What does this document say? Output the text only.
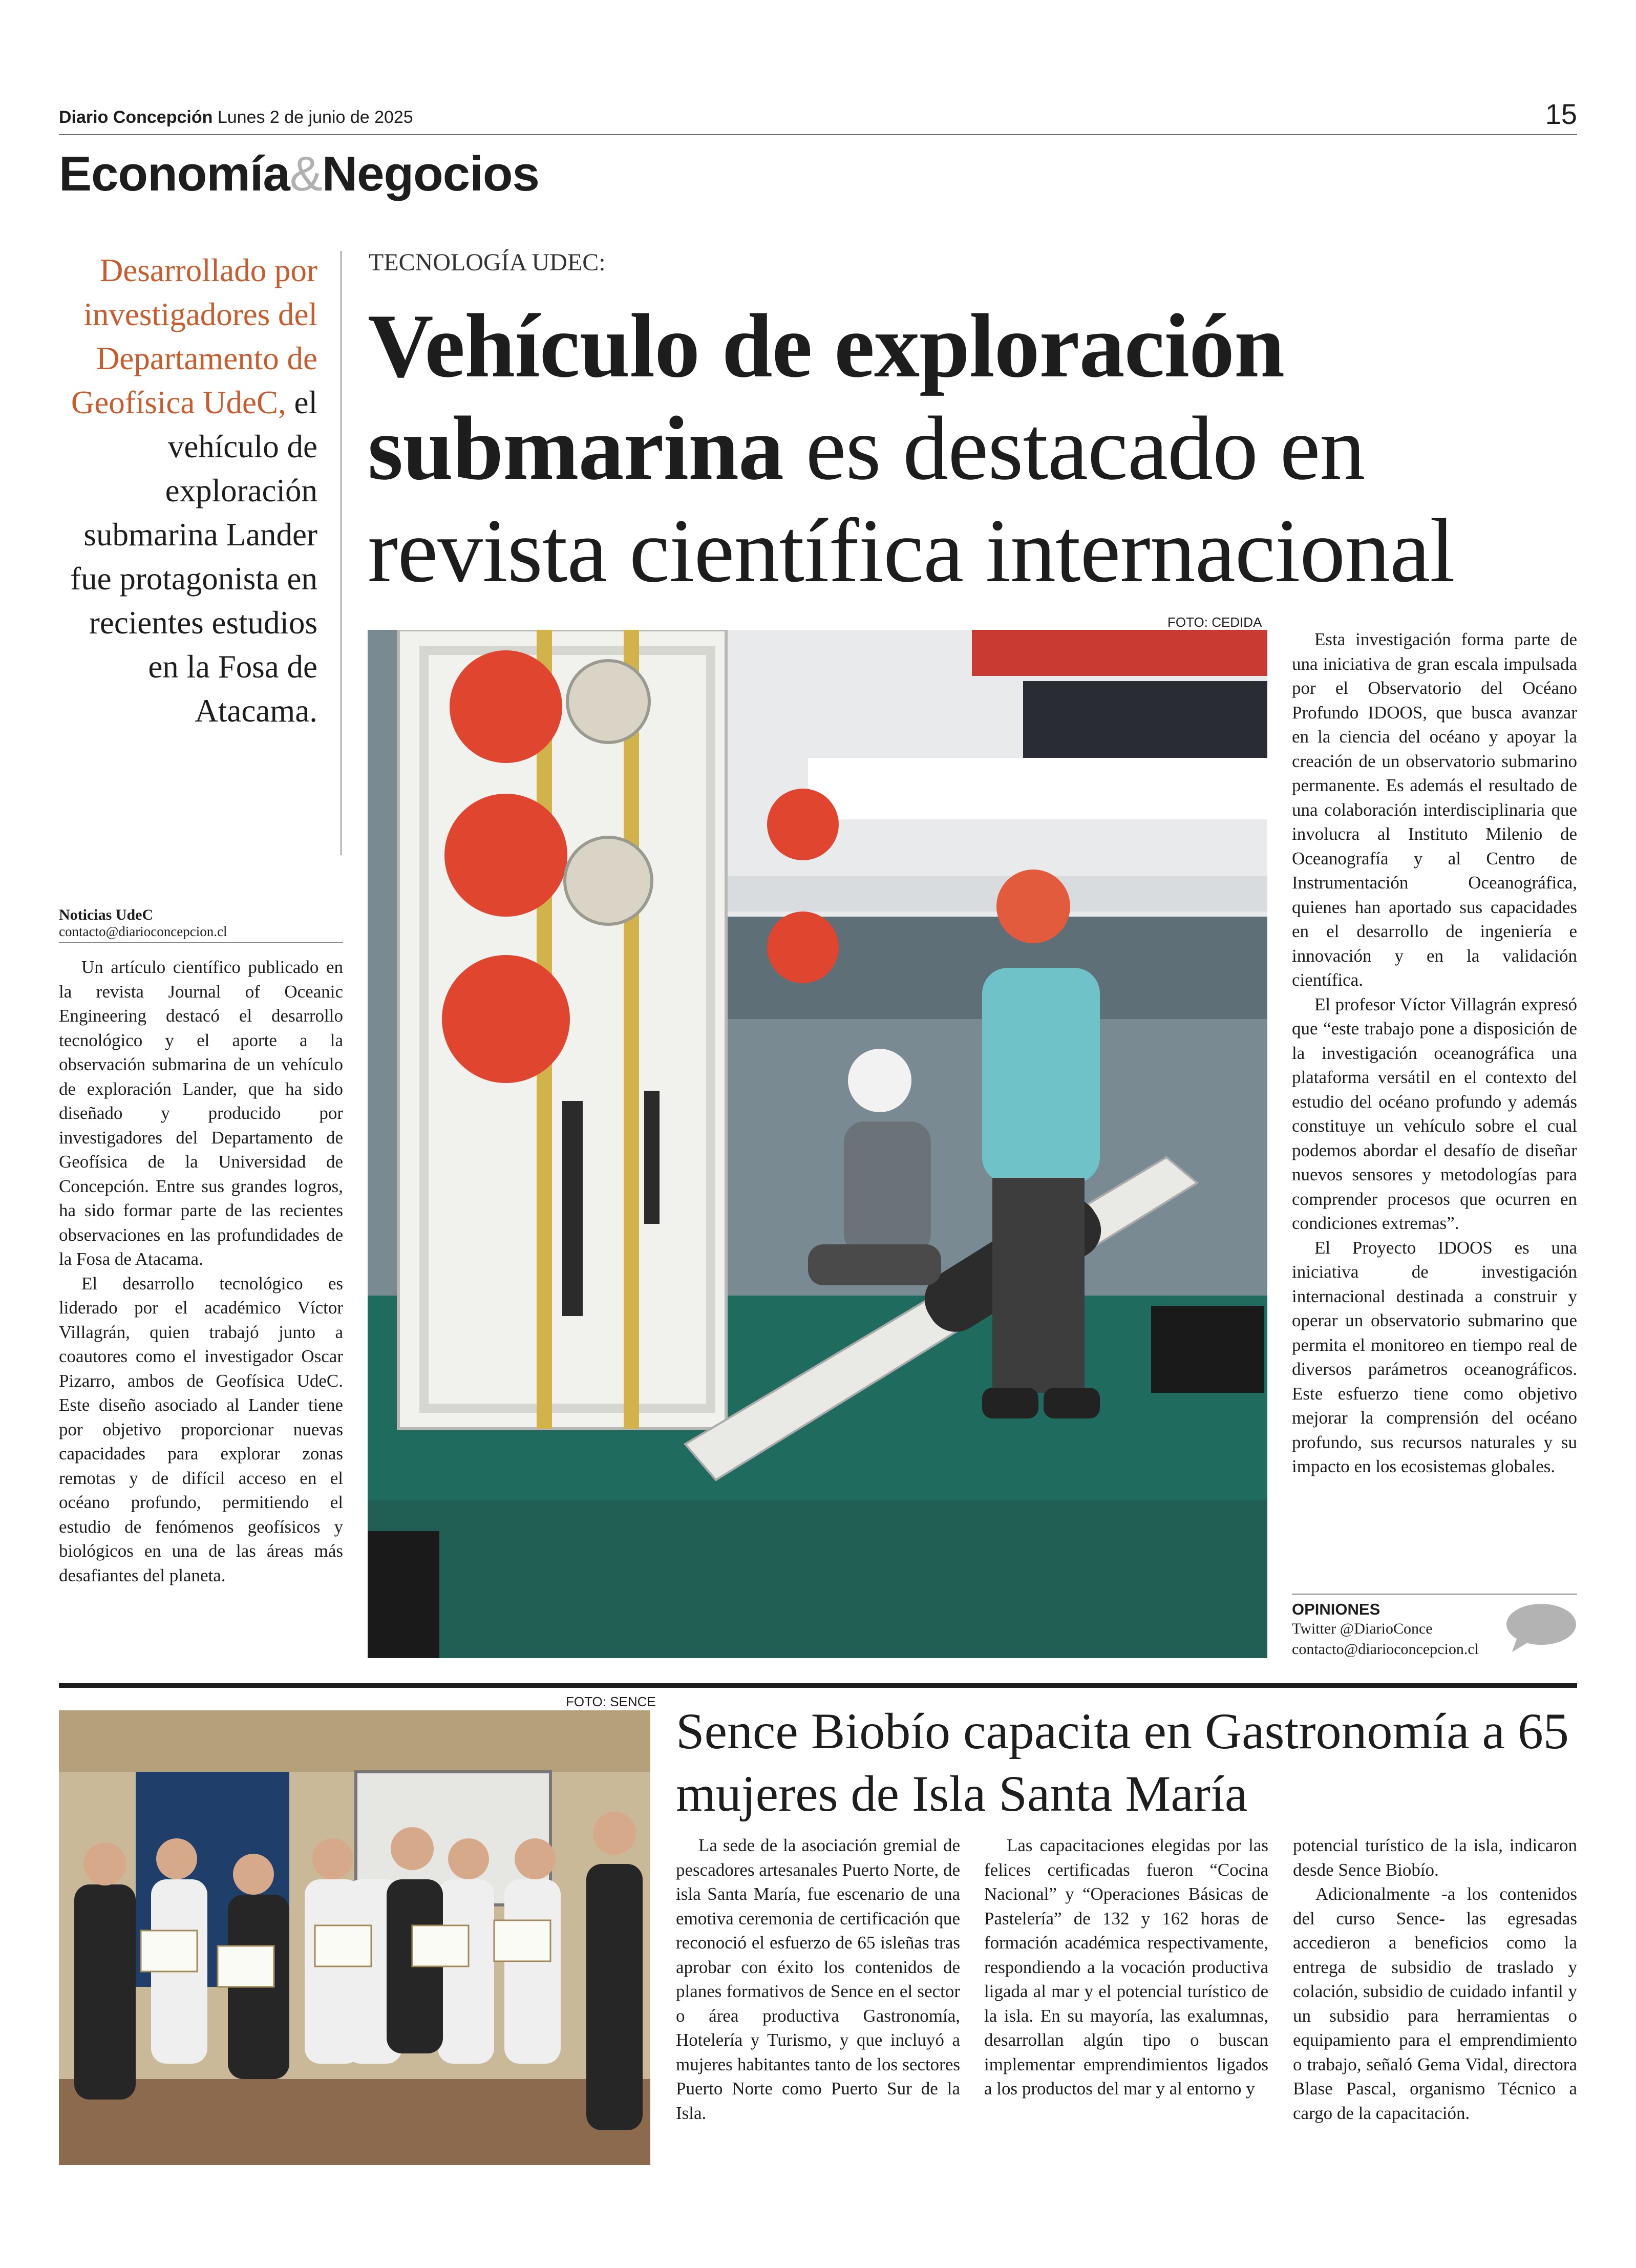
Diario Concepción Lunes 2 de junio de 2025	15
Economía&Negocios
Desarrollado por investigadores del Departamento de Geofísica UdeC, el vehículo de exploración submarina Lander fue protagonista en recientes estudios en la Fosa de Atacama.
Noticias UdeC
contacto@diarioconcepcion.cl

Un artículo científico publicado en la revista Journal of Oceanic Engineering destacó el desarrollo tecnológico y el aporte a la observación submarina de un vehículo de exploración Lander, que ha sido diseñado y producido por investigadores del Departamento de Geofísica de la Universidad de Concepción. Entre sus grandes logros, ha sido formar parte de las recientes observaciones en las profundidades de la Fosa de Atacama.

El desarrollo tecnológico es liderado por el académico Víctor Villagrán, quien trabajó junto a coautores como el investigador Oscar Pizarro, ambos de Geofísica UdeC. Este diseño asociado al Lander tiene por objetivo proporcionar nuevas capacidades para explorar zonas remotas y de difícil acceso en el océano profundo, permitiendo el estudio de fenómenos geofísicos y biológicos en una de las áreas más desafiantes del planeta.

TECNOLOGÍA UDEC:
Vehículo de exploración submarina es destacado en revista científica internacional
FOTO: CEDIDA

Esta investigación forma parte de una iniciativa de gran escala impulsada por el Observatorio del Océano Profundo IDOOS, que busca avanzar en la ciencia del océano y apoyar la creación de un observatorio submarino permanente. Es además el resultado de una colaboración interdisciplinaria que involucra al Instituto Milenio de Oceanografía y al Centro de Instrumentación Oceanográfica, quienes han aportado sus capacidades en el desarrollo de ingeniería e innovación y en la validación científica.

El profesor Víctor Villagrán expresó que “este trabajo pone a disposición de la investigación oceanográfica una plataforma versátil en el contexto del estudio del océano profundo y además constituye un vehículo sobre el cual podemos abordar el desafío de diseñar nuevos sensores y metodologías para comprender procesos que ocurren en condiciones extremas”.

El Proyecto IDOOS es una iniciativa de investigación internacional destinada a construir y operar un observatorio submarino que permita el monitoreo en tiempo real de diversos parámetros oceanográficos. Este esfuerzo tiene como objetivo mejorar la comprensión del océano profundo, sus recursos naturales y su impacto en los ecosistemas globales.

OPINIONES
Twitter @DiarioConce
contacto@diarioconcepcion.cl
FOTO: SENCE
Sence Biobío capacita en Gastronomía a 65 mujeres de Isla Santa María

La sede de la asociación gremial de pescadores artesanales Puerto Norte, de isla Santa María, fue escenario de una emotiva ceremonia de certificación que reconoció el esfuerzo de 65 isleñas tras aprobar con éxito los contenidos de planes formativos de Sence en el sector o área productiva Gastronomía, Hotelería y Turismo, y que incluyó a mujeres habitantes tanto de los sectores Puerto Norte como Puerto Sur de la Isla.

Las capacitaciones elegidas por las felices certificadas fueron “Cocina Nacional” y “Operaciones Básicas de Pastelería” de 132 y 162 horas de formación académica respectivamente, respondiendo a la vocación productiva ligada al mar y el potencial turístico de la isla. En su mayoría, las exalumnas, desarrollan algún tipo o buscan implementar emprendimientos ligados a los productos del mar y al entorno y

potencial turístico de la isla, indicaron desde Sence Biobío.

Adicionalmente -a los contenidos del curso Sence- las egresadas accedieron a beneficios como la entrega de subsidio de traslado y colación, subsidio de cuidado infantil y un subsidio para herramientas o equipamiento para el emprendimiento o trabajo, señaló Gema Vidal, directora Blase Pascal, organismo Técnico a cargo de la capacitación.
